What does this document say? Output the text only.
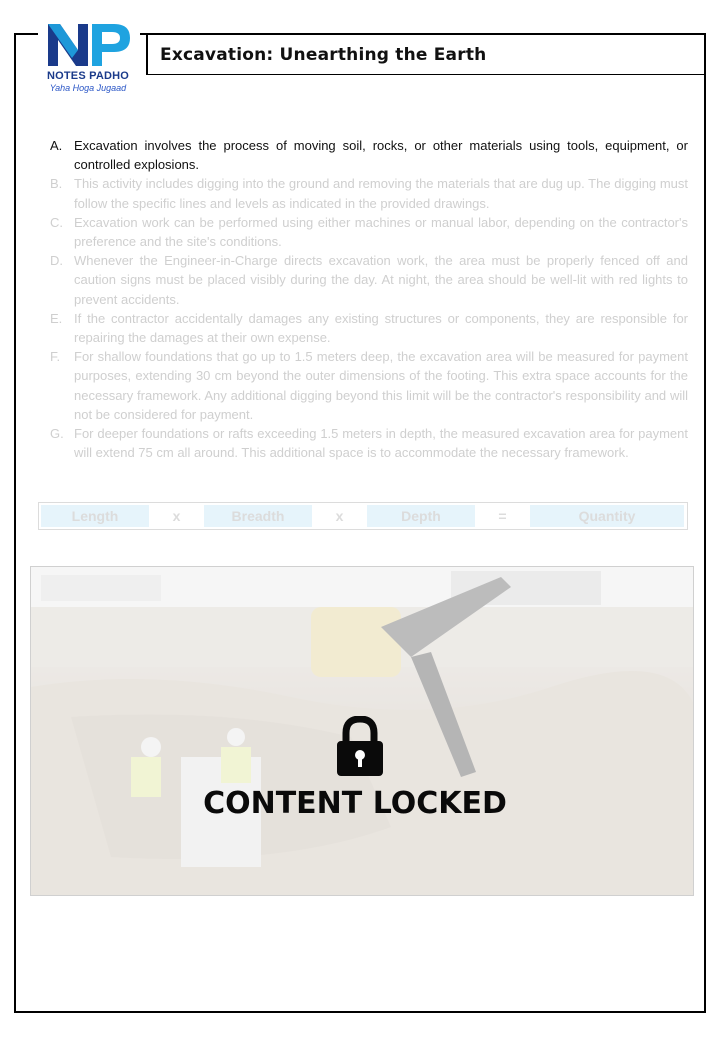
NOTES PADHO
Yaha Hoga Jugaad
Excavation: Unearthing the Earth
A. Excavation involves the process of moving soil, rocks, or other materials using tools, equipment, or controlled explosions.
B. This activity includes digging into the ground and removing the materials that are dug up. The digging must follow the specific lines and levels as indicated in the provided drawings.
C. Excavation work can be performed using either machines or manual labor, depending on the contractor's preference and the site's conditions.
D. Whenever the Engineer-in-Charge directs excavation work, the area must be properly fenced off and caution signs must be placed visibly during the day. At night, the area should be well-lit with red lights to prevent accidents.
E. If the contractor accidentally damages any existing structures or components, they are responsible for repairing the damages at their own expense.
F.	For shallow foundations that go up to 1.5 meters deep, the excavation area will be measured for payment purposes, extending 30 cm beyond the outer dimensions of the footing. This extra space accounts for the necessary framework. Any additional digging beyond this limit will be the contractor's responsibility and will not be considered for payment.
G. For deeper foundations or rafts exceeding 1.5 meters in depth, the measured excavation area for payment will extend 75 cm all around. This additional space is to accommodate the necessary framework.
Length	x	Breadth	x	Depth	=	Quantity
CONTENT LOCKED
